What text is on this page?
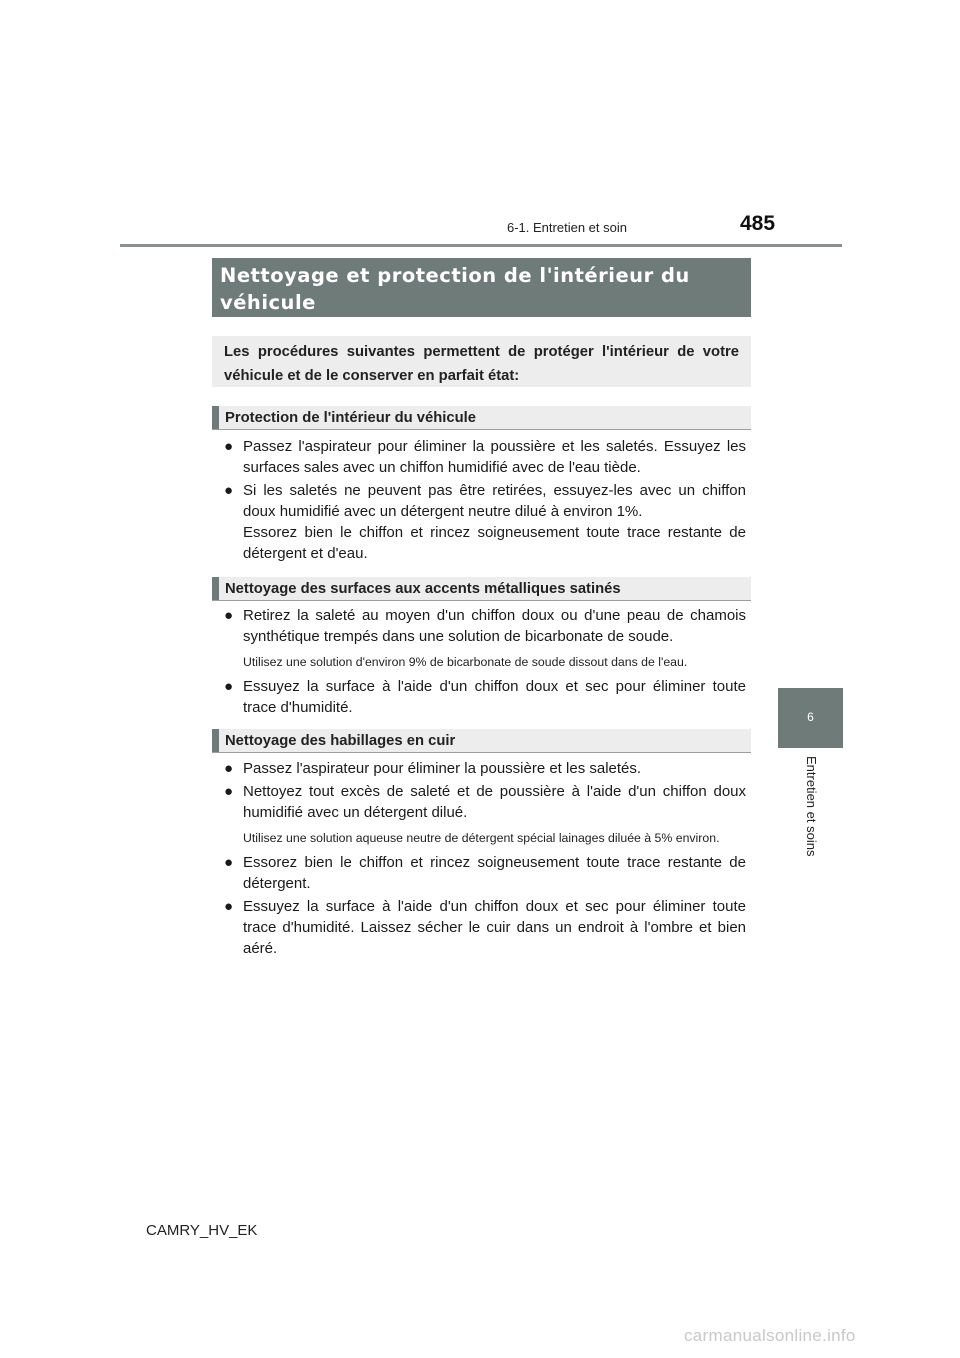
6-1. Entretien et soin	485
6
Entretien et soins
Nettoyage et protection de l'intérieur du
véhicule
Les procédures suivantes permettent de protéger l'intérieur de votre véhicule et de le conserver en parfait état:
Protection de l'intérieur du véhicule
● Passez l'aspirateur pour éliminer la poussière et les saletés. Essuyez les surfaces sales avec un chiffon humidifié avec de l'eau tiède.
● Si les saletés ne peuvent pas être retirées, essuyez-les avec un chiffon doux humidifié avec un détergent neutre dilué à environ 1%.
Essorez bien le chiffon et rincez soigneusement toute trace restante de détergent et d'eau.
Nettoyage des surfaces aux accents métalliques satinés
● Retirez la saleté au moyen d'un chiffon doux ou d'une peau de chamois synthétique trempés dans une solution de bicarbonate de soude.
Utilisez une solution d'environ 9% de bicarbonate de soude dissout dans de l'eau.
● Essuyez la surface à l'aide d'un chiffon doux et sec pour éliminer toute trace d'humidité.
Nettoyage des habillages en cuir
● Passez l'aspirateur pour éliminer la poussière et les saletés.
● Nettoyez tout excès de saleté et de poussière à l'aide d'un chiffon doux humidifié avec un détergent dilué.
Utilisez une solution aqueuse neutre de détergent spécial lainages diluée à 5% environ.
● Essorez bien le chiffon et rincez soigneusement toute trace restante de détergent.
● Essuyez la surface à l'aide d'un chiffon doux et sec pour éliminer toute trace d'humidité. Laissez sécher le cuir dans un endroit à l'ombre et bien aéré.
CAMRY_HV_EK
carmanualsonline.info
